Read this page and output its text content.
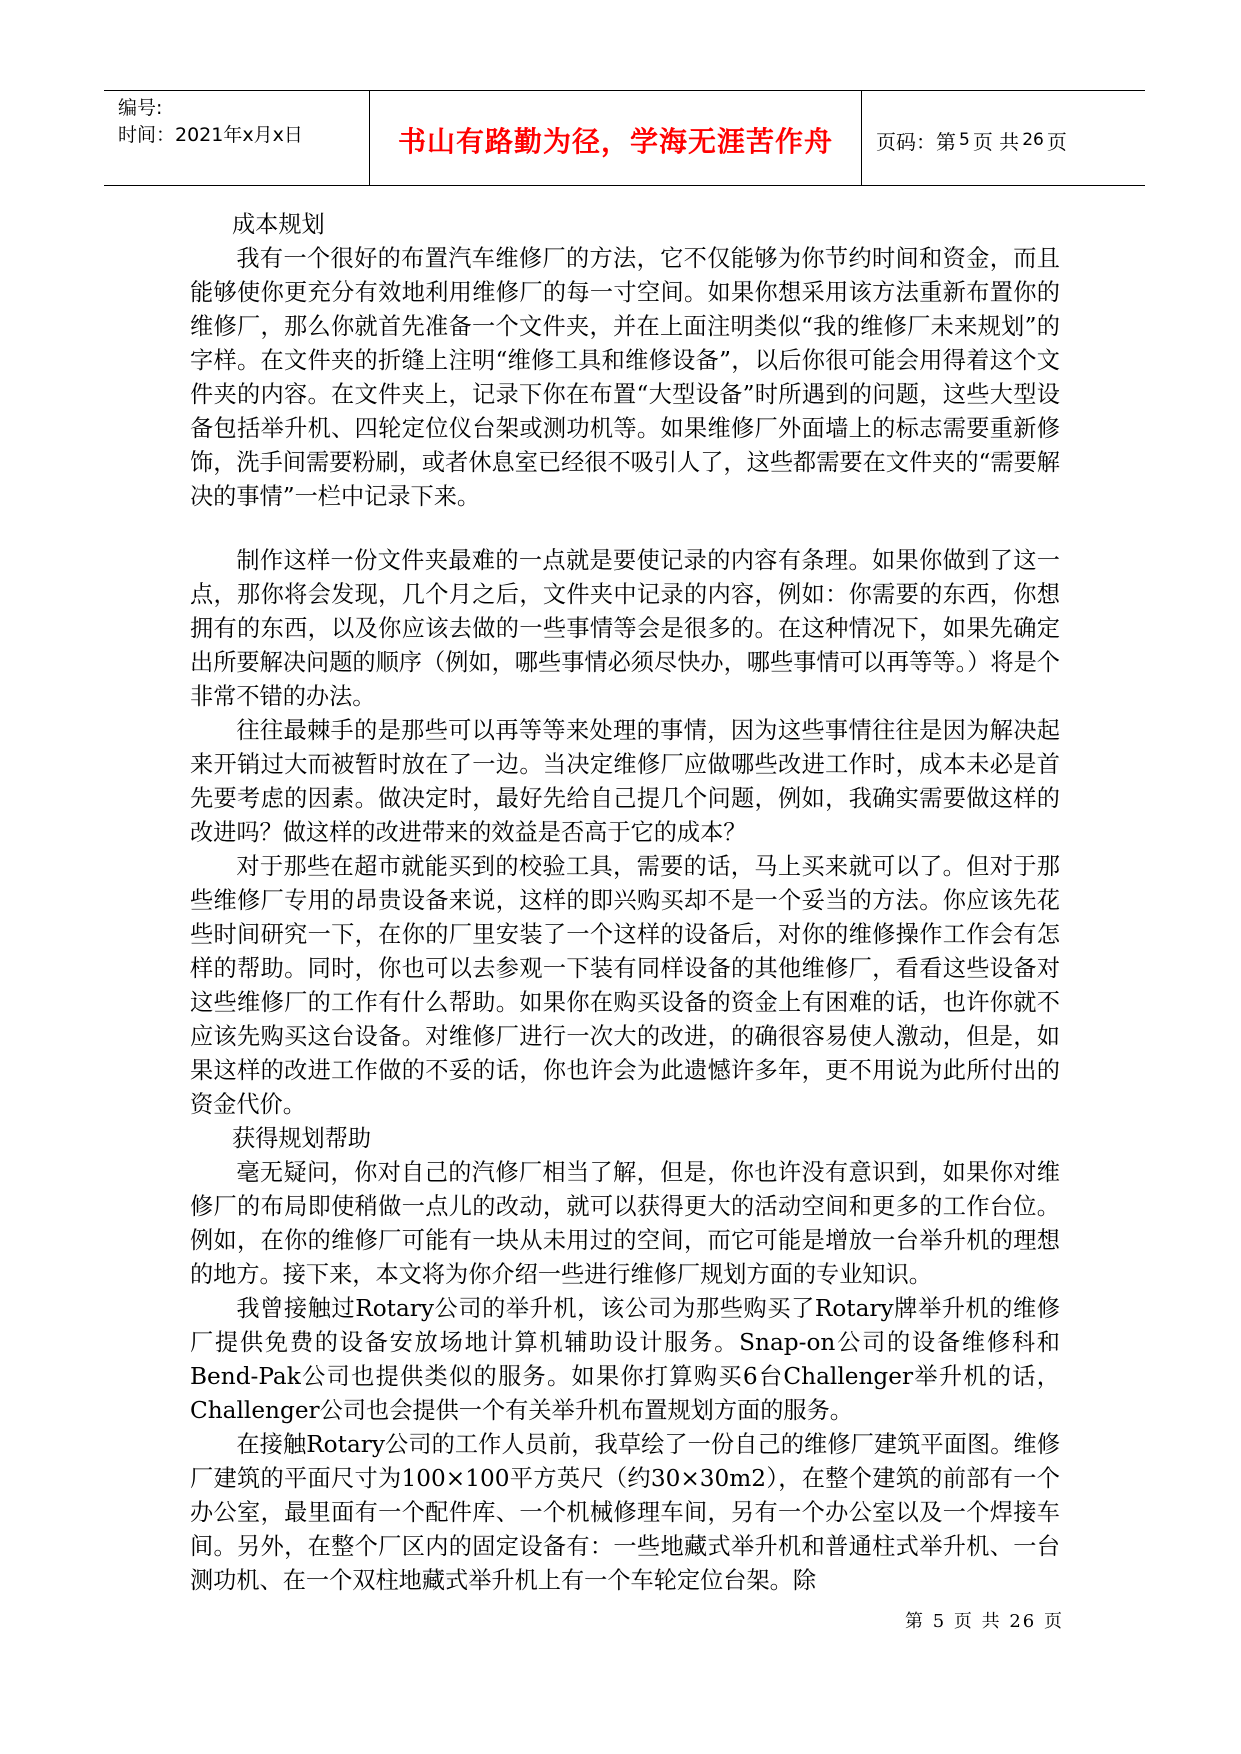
编号:
时间：2021年x月x日	书山有路勤为径，学海无涯苦作舟	页码：第 5 页 共 26 页

成本规划

我有一个很好的布置汽车维修厂的方法，它不仅能够为你节约时间和资金，而且能够使你更充分有效地利用维修厂的每一寸空间。如果你想采用该方法重新布置你的维修厂，那么你就首先准备一个文件夹，并在上面注明类似“我的维修厂未来规划”的字样。在文件夹的折缝上注明“维修工具和维修设备”，以后你很可能会用得着这个文件夹的内容。在文件夹上，记录下你在布置“大型设备”时所遇到的问题，这些大型设备包括举升机、四轮定位仪台架或测功机等。如果维修厂外面墙上的标志需要重新修饰，洗手间需要粉刷，或者休息室已经很不吸引人了，这些都需要在文件夹的“需要解决的事情”一栏中记录下来。

制作这样一份文件夹最难的一点就是要使记录的内容有条理。如果你做到了这一点，那你将会发现，几个月之后，文件夹中记录的内容，例如：你需要的东西，你想拥有的东西，以及你应该去做的一些事情等会是很多的。在这种情况下，如果先确定出所要解决问题的顺序（例如，哪些事情必须尽快办，哪些事情可以再等等。）将是个非常不错的办法。

往往最棘手的是那些可以再等等来处理的事情，因为这些事情往往是因为解决起来开销过大而被暂时放在了一边。当决定维修厂应做哪些改进工作时，成本未必是首先要考虑的因素。做决定时，最好先给自己提几个问题，例如，我确实需要做这样的改进吗？做这样的改进带来的效益是否高于它的成本？

对于那些在超市就能买到的校验工具，需要的话，马上买来就可以了。但对于那些维修厂专用的昂贵设备来说，这样的即兴购买却不是一个妥当的方法。你应该先花些时间研究一下，在你的厂里安装了一个这样的设备后，对你的维修操作工作会有怎样的帮助。同时，你也可以去参观一下装有同样设备的其他维修厂，看看这些设备对这些维修厂的工作有什么帮助。如果你在购买设备的资金上有困难的话，也许你就不应该先购买这台设备。对维修厂进行一次大的改进，的确很容易使人激动，但是，如果这样的改进工作做的不妥的话，你也许会为此遗憾许多年，更不用说为此所付出的资金代价。

获得规划帮助

毫无疑问，你对自己的汽修厂相当了解，但是，你也许没有意识到，如果你对维修厂的布局即使稍做一点儿的改动，就可以获得更大的活动空间和更多的工作台位。例如，在你的维修厂可能有一块从未用过的空间，而它可能是增放一台举升机的理想的地方。接下来，本文将为你介绍一些进行维修厂规划方面的专业知识。

我曾接触过Rotary公司的举升机，该公司为那些购买了Rotary牌举升机的维修厂提供免费的设备安放场地计算机辅助设计服务。Snap-on公司的设备维修科和Bend-Pak公司也提供类似的服务。如果你打算购买6台Challenger举升机的话，Challenger公司也会提供一个有关举升机布置规划方面的服务。

在接触Rotary公司的工作人员前，我草绘了一份自己的维修厂建筑平面图。维修厂建筑的平面尺寸为100×100平方英尺（约30×30m2），在整个建筑的前部有一个办公室，最里面有一个配件库、一个机械修理车间，另有一个办公室以及一个焊接车间。另外，在整个厂区内的固定设备有：一些地藏式举升机和普通柱式举升机、一台测功机、在一个双柱地藏式举升机上有一个车轮定位台架。除

第 5 页 共 26 页
